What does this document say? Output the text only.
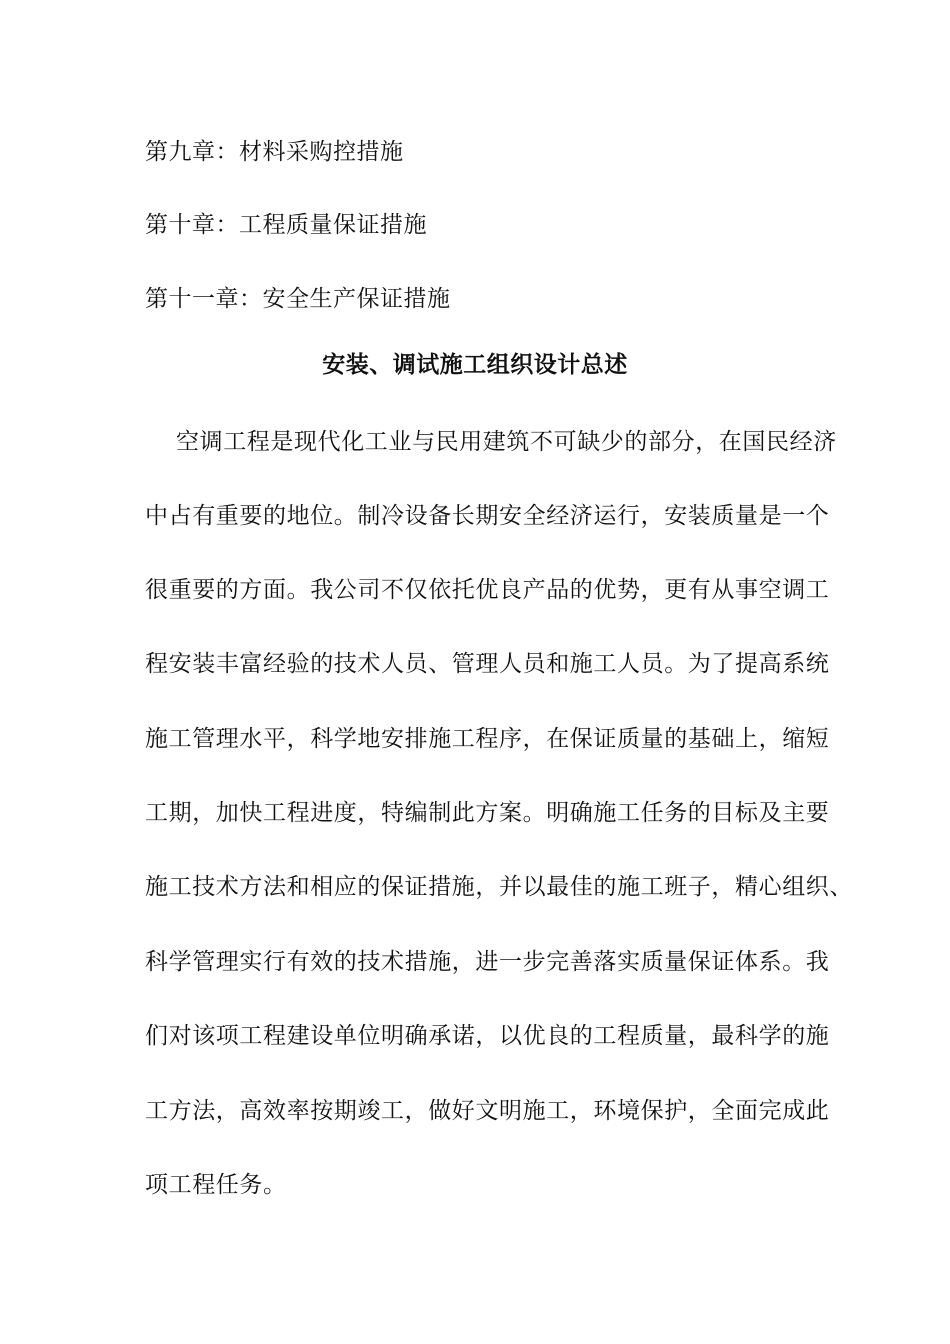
第九章：材料采购控措施
第十章：工程质量保证措施
第十一章：安全生产保证措施
安装、调试施工组织设计总述
空调工程是现代化工业与民用建筑不可缺少的部分，在国民经济
中占有重要的地位。制冷设备长期安全经济运行，安装质量是一个
很重要的方面。我公司不仅依托优良产品的优势，更有从事空调工
程安装丰富经验的技术人员、管理人员和施工人员。为了提高系统
施工管理水平，科学地安排施工程序，在保证质量的基础上，缩短
工期，加快工程进度，特编制此方案。明确施工任务的目标及主要
施工技术方法和相应的保证措施，并以最佳的施工班子，精心组织、
科学管理实行有效的技术措施，进一步完善落实质量保证体系。我
们对该项工程建设单位明确承诺，以优良的工程质量，最科学的施
工方法，高效率按期竣工，做好文明施工，环境保护，全面完成此
项工程任务。
